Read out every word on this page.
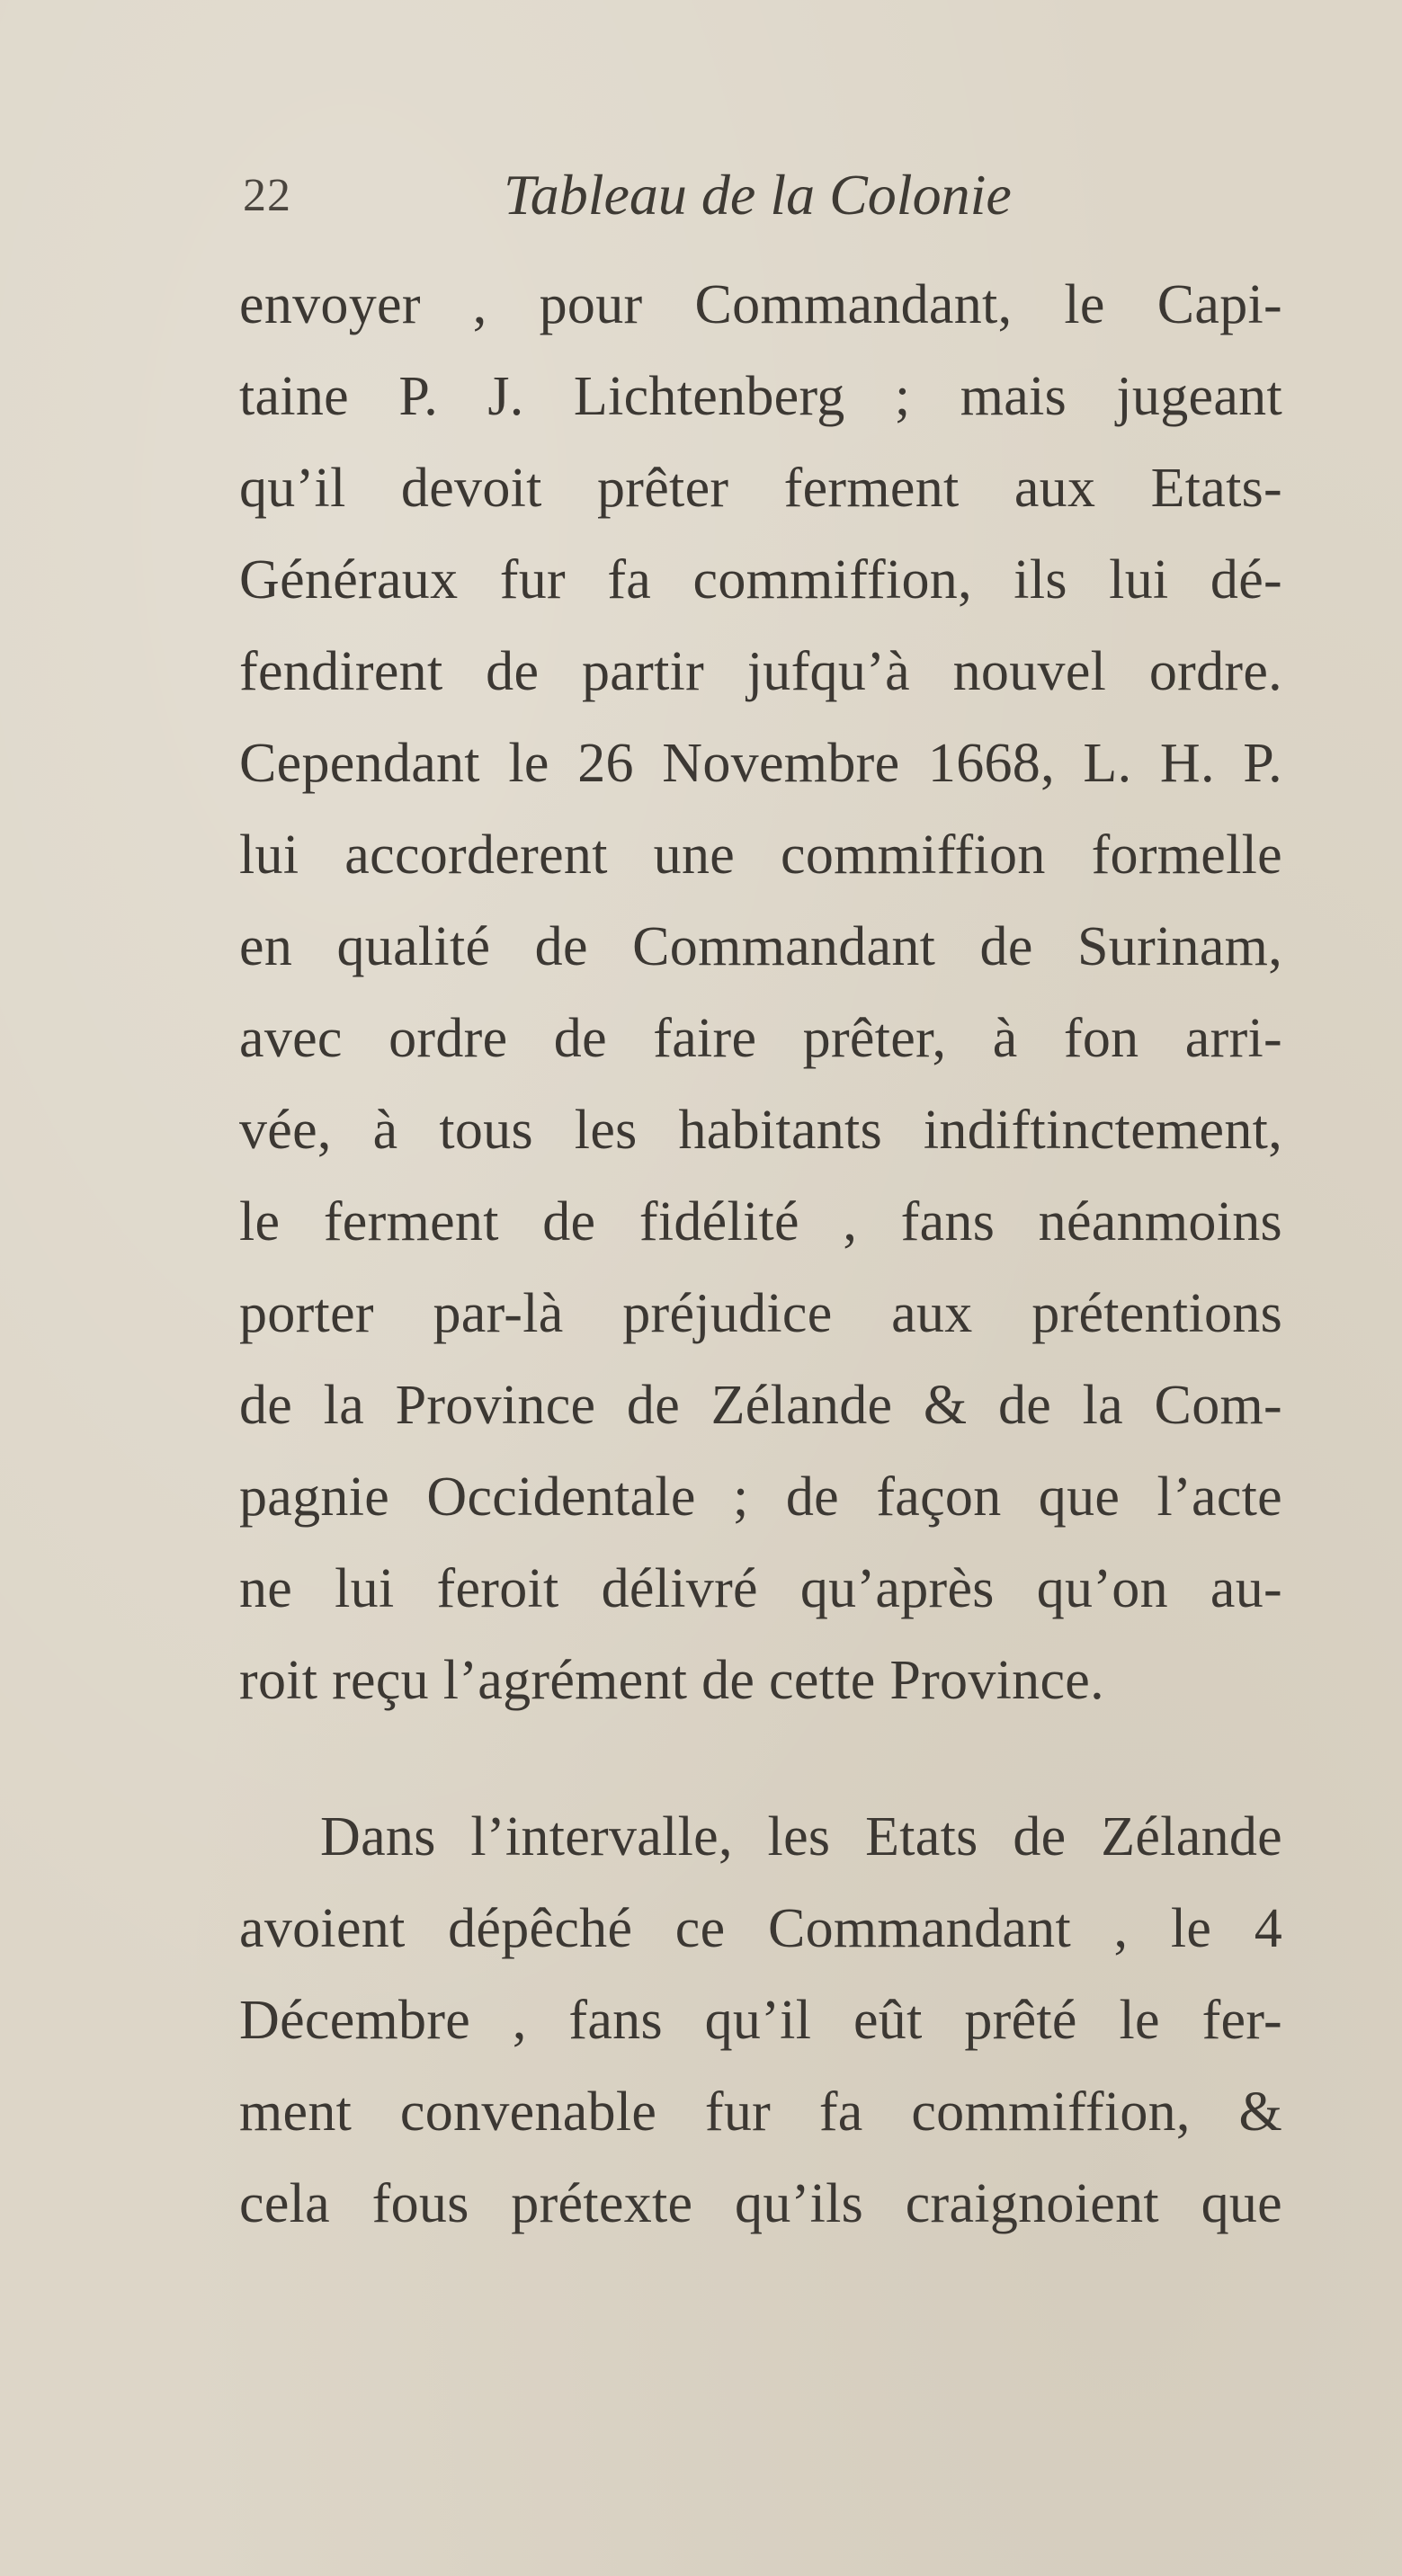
22	Tableau de la Colonie
envoyer , pour Commandant, le Capi-
taine P. J. Lichtenberg ; mais jugeant
qu’il devoit prêter ferment aux Etats-
Généraux fur fa commiffion, ils lui dé-
fendirent de partir jufqu’à nouvel ordre.
Cependant le 26 Novembre 1668, L. H. P.
lui accorderent une commiffion formelle
en qualité de Commandant de Surinam,
avec ordre de faire prêter, à fon arri-
vée, à tous les habitants indiftinctement,
le ferment de fidélité , fans néanmoins
porter par-là préjudice aux prétentions
de la Province de Zélande & de la Com-
pagnie Occidentale ; de façon que l’acte
ne lui feroit délivré qu’après qu’on au-
roit reçu l’agrément de cette Province.
Dans l’intervalle, les Etats de Zélande
avoient dépêché ce Commandant , le 4
Décembre , fans qu’il eût prêté le fer-
ment convenable fur fa commiffion, &
cela fous prétexte qu’ils craignoient que
